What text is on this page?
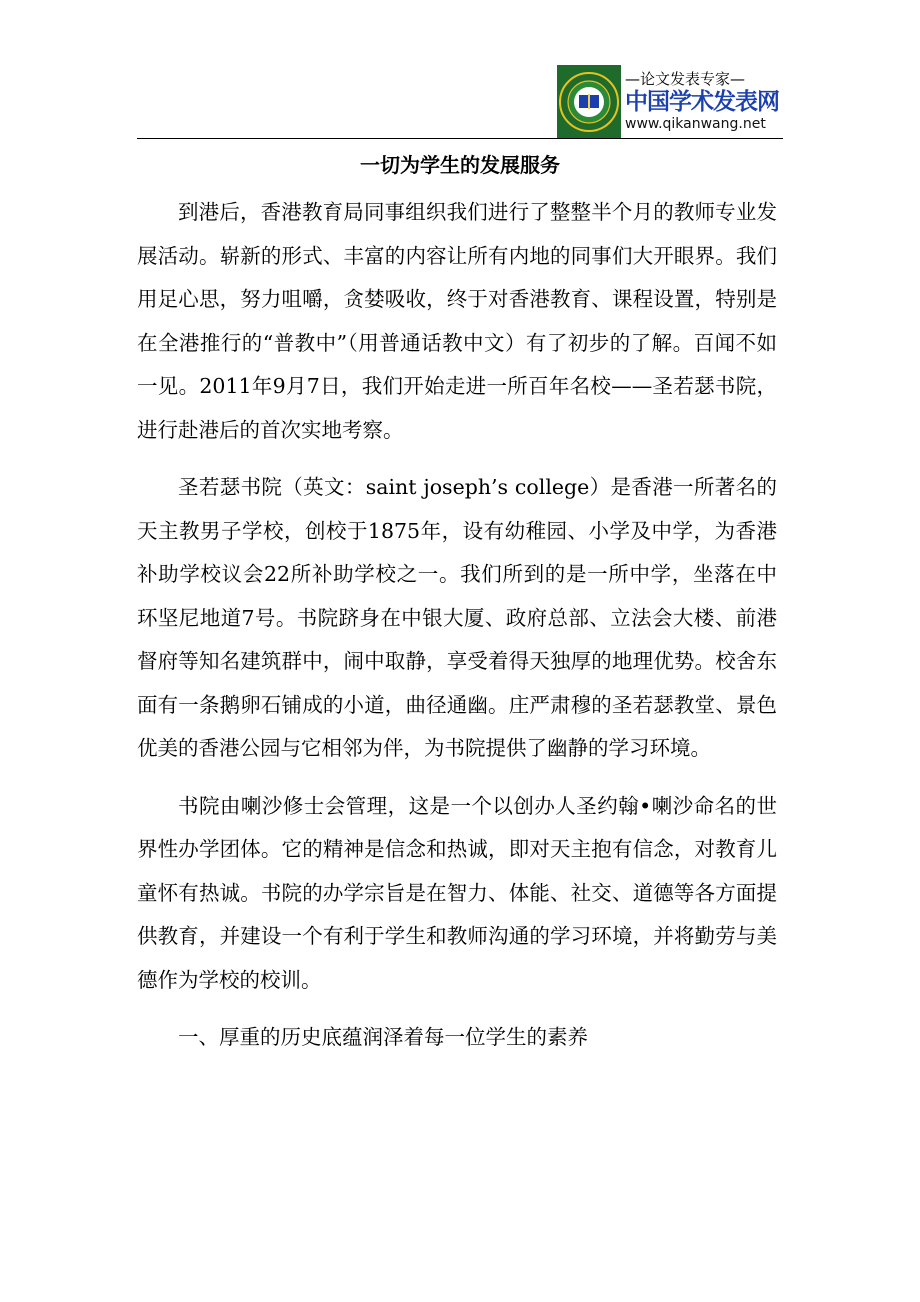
—论文发表专家—
中国学术发表网
www.qikanwang.net
一切为学生的发展服务

到港后，香港教育局同事组织我们进行了整整半个月的教师专业发展活动。崭新的形式、丰富的内容让所有内地的同事们大开眼界。我们用足心思，努力咀嚼，贪婪吸收，终于对香港教育、课程设置，特别是在全港推行的“普教中”（用普通话教中文）有了初步的了解。百闻不如一见。2011年9月7日，我们开始走进一所百年名校——圣若瑟书院，进行赴港后的首次实地考察。

圣若瑟书院（英文：saint joseph’s college）是香港一所著名的天主教男子学校，创校于1875年，设有幼稚园、小学及中学，为香港补助学校议会22所补助学校之一。我们所到的是一所中学，坐落在中环坚尼地道7号。书院跻身在中银大厦、政府总部、立法会大楼、前港督府等知名建筑群中，闹中取静，享受着得天独厚的地理优势。校舍东面有一条鹅卵石铺成的小道，曲径通幽。庄严肃穆的圣若瑟教堂、景色优美的香港公园与它相邻为伴，为书院提供了幽静的学习环境。

书院由喇沙修士会管理，这是一个以创办人圣约翰•喇沙命名的世界性办学团体。它的精神是信念和热诚，即对天主抱有信念，对教育儿童怀有热诚。书院的办学宗旨是在智力、体能、社交、道德等各方面提供教育，并建设一个有利于学生和教师沟通的学习环境，并将勤劳与美德作为学校的校训。

一、厚重的历史底蕴润泽着每一位学生的素养
